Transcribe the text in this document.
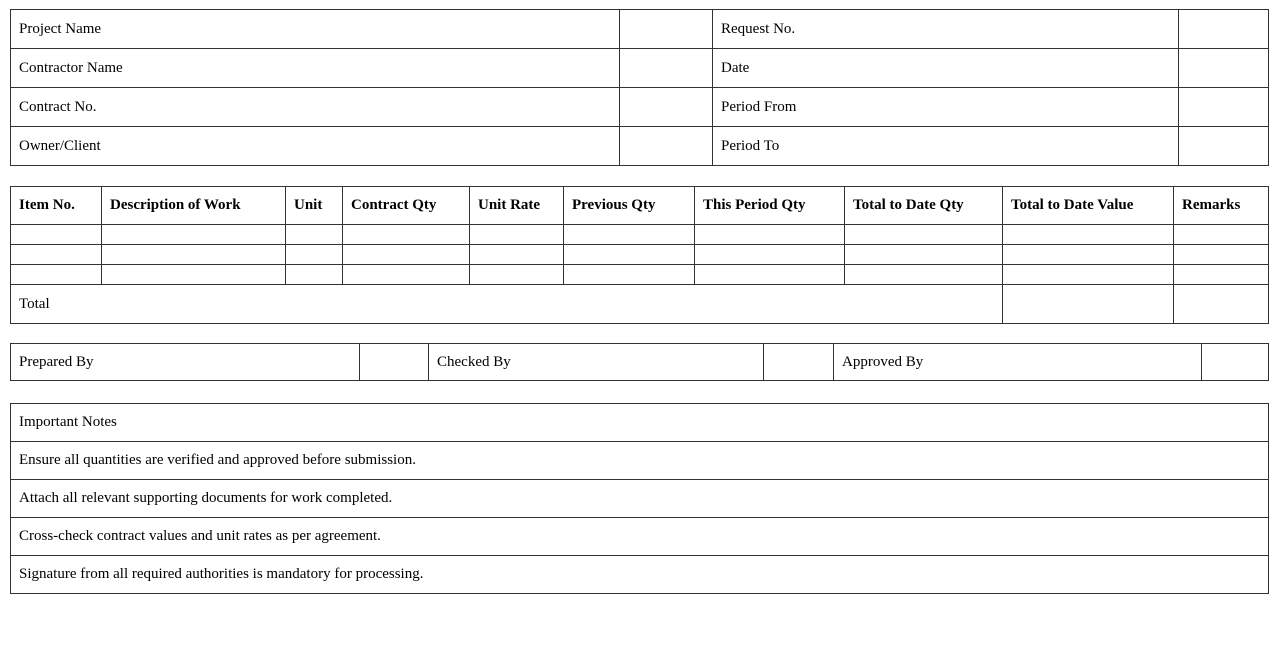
Project Name		Request No.	
Contractor Name		Date	
Contract No.		Period From	
Owner/Client		Period To	
Item No.	Description of Work	Unit	Contract Qty	Unit Rate	Previous Qty	This Period Qty	Total to Date Qty	Total to Date Value	Remarks

Total									
Prepared By		Checked By		Approved By	
Important Notes
Ensure all quantities are verified and approved before submission.
Attach all relevant supporting documents for work completed.
Cross-check contract values and unit rates as per agreement.
Signature from all required authorities is mandatory for processing.
